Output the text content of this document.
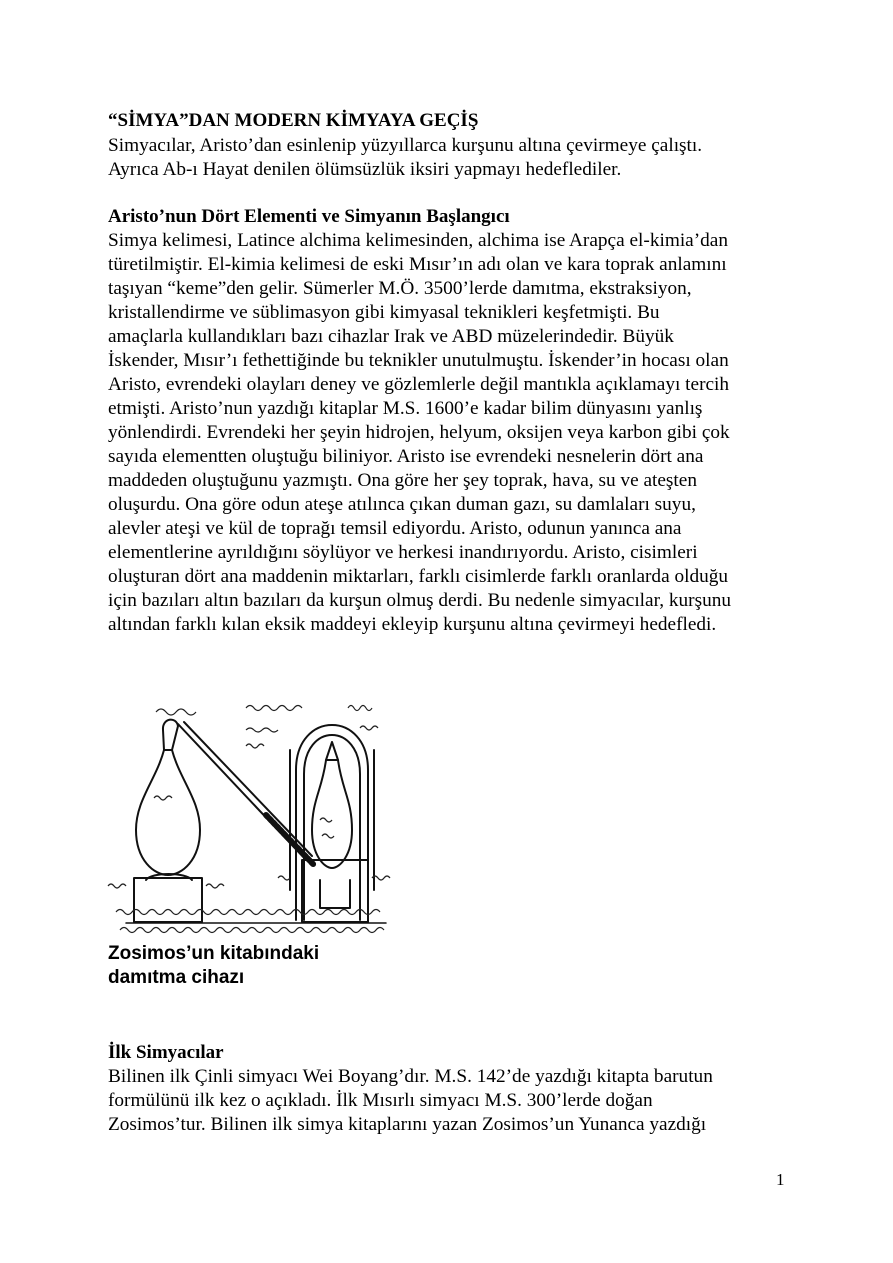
“SİMYA”DAN MODERN KİMYAYA GEÇİŞ
Simyacılar, Aristo’dan esinlenip yüzyıllarca kurşunu altına çevirmeye çalıştı.
Ayrıca Ab-ı Hayat denilen ölümsüzlük iksiri yapmayı hedeflediler.
Aristo’nun Dört Elementi ve Simyanın Başlangıcı
Simya kelimesi, Latince alchima kelimesinden, alchima ise Arapça el-kimia’dan
türetilmiştir. El-kimia kelimesi de eski Mısır’ın adı olan ve kara toprak anlamını
taşıyan “keme”den gelir. Sümerler M.Ö. 3500’lerde damıtma, ekstraksiyon,
kristallendirme ve süblimasyon gibi kimyasal teknikleri keşfetmişti. Bu
amaçlarla kullandıkları bazı cihazlar Irak ve ABD müzelerindedir. Büyük
İskender, Mısır’ı fethettiğinde bu teknikler unutulmuştu. İskender’in hocası olan
Aristo, evrendeki olayları deney ve gözlemlerle değil mantıkla açıklamayı tercih
etmişti. Aristo’nun yazdığı kitaplar M.S. 1600’e kadar bilim dünyasını yanlış
yönlendirdi. Evrendeki her şeyin hidrojen, helyum, oksijen veya karbon gibi çok
sayıda elementten oluştuğu biliniyor. Aristo ise evrendeki nesnelerin dört ana
maddeden oluştuğunu yazmıştı. Ona göre her şey toprak, hava, su ve ateşten
oluşurdu. Ona göre odun ateşe atılınca çıkan duman gazı, su damlaları suyu,
alevler ateşi ve kül de toprağı temsil ediyordu. Aristo, odunun yanınca ana
elementlerine ayrıldığını söylüyor ve herkesi inandırıyordu. Aristo, cisimleri
oluşturan dört ana maddenin miktarları, farklı cisimlerde farklı oranlarda olduğu
için bazıları altın bazıları da kurşun olmuş derdi. Bu nedenle simyacılar, kurşunu
altından farklı kılan eksik maddeyi ekleyip kurşunu altına çevirmeyi hedefledi.
Zosimos’un kitabındaki
damıtma cihazı
İlk Simyacılar
Bilinen ilk Çinli simyacı Wei Boyang’dır. M.S. 142’de yazdığı kitapta barutun
formülünü ilk kez o açıkladı. İlk Mısırlı simyacı M.S. 300’lerde doğan
Zosimos’tur. Bilinen ilk simya kitaplarını yazan Zosimos’un Yunanca yazdığı
1
